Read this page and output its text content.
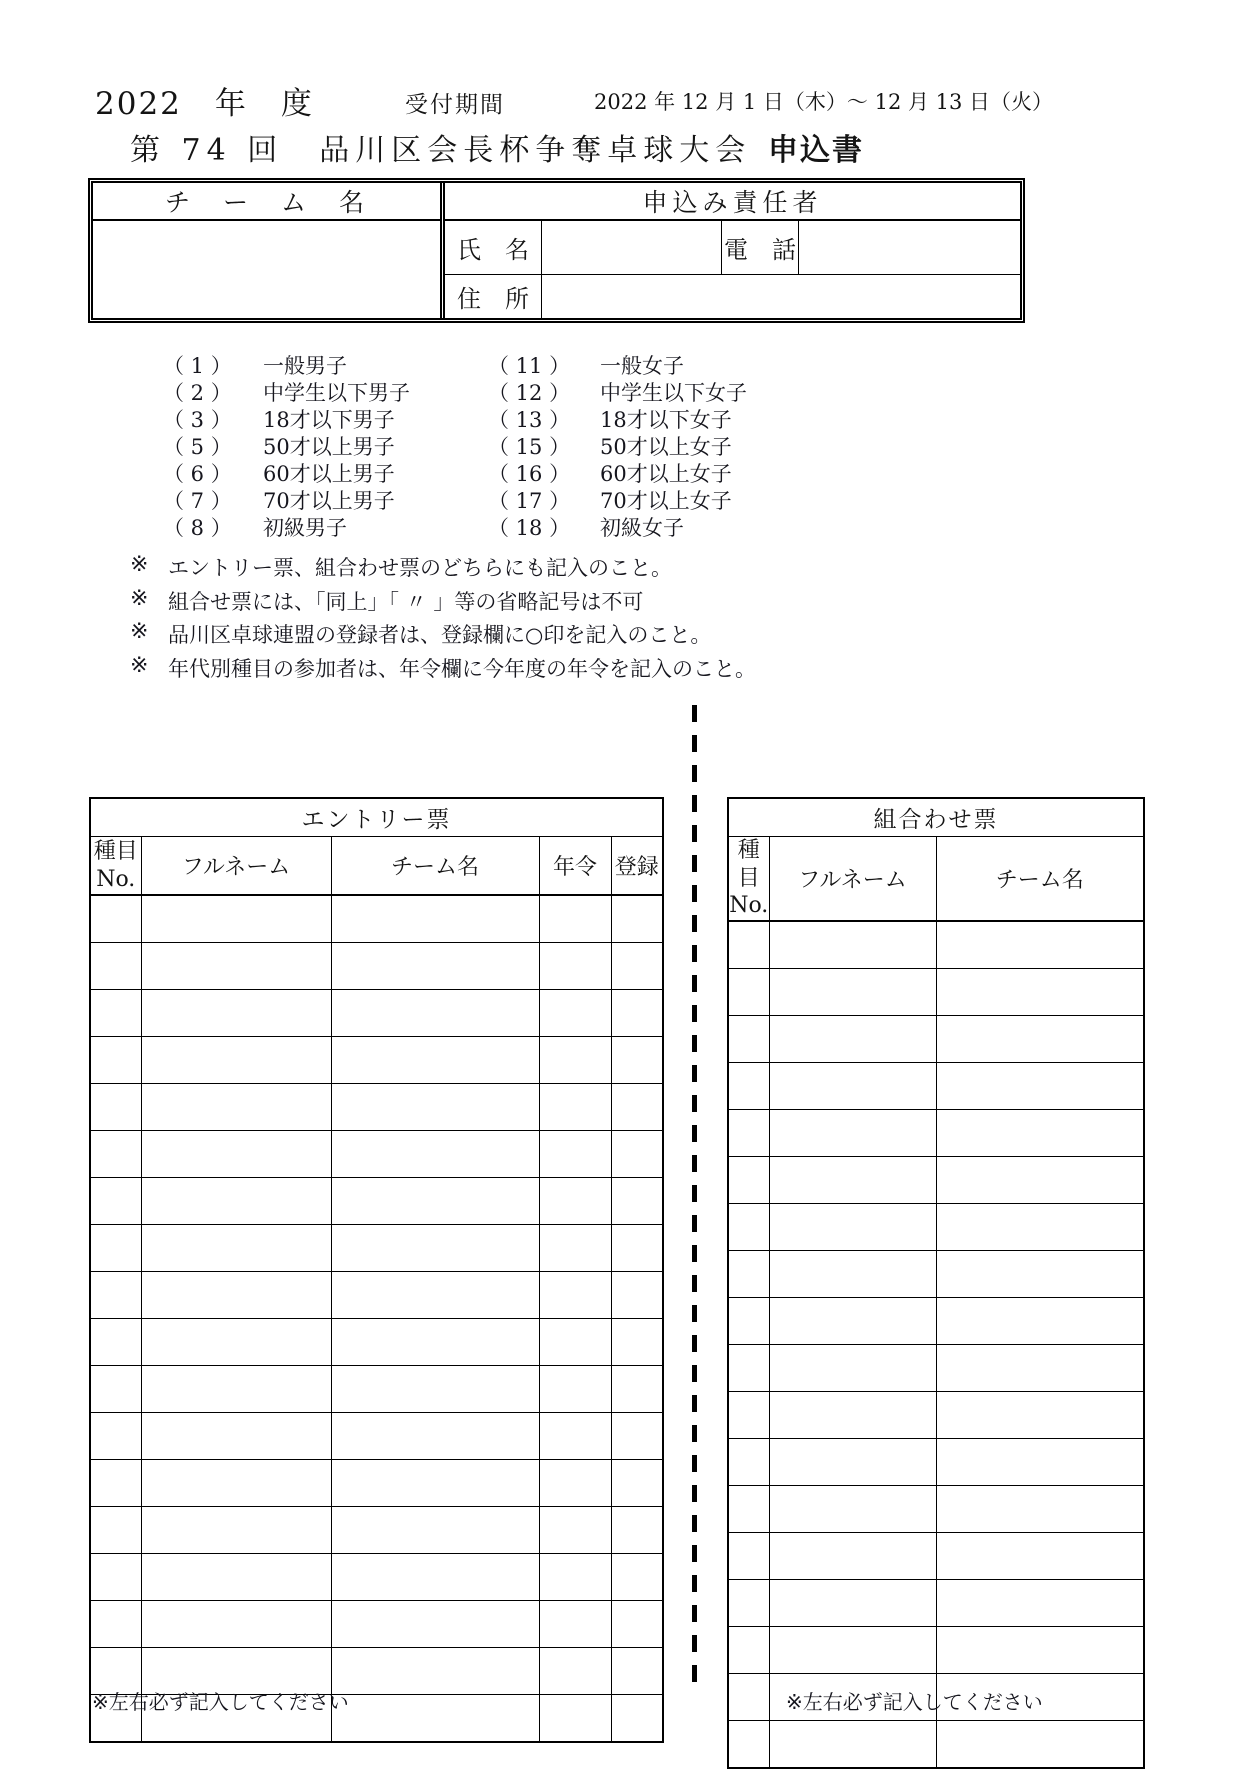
2022　年　度	受付期間	2022 年 12 月 1 日（木）～ 12 月 13 日（火）
第 74 回　品川区会長杯争奪卓球大会 申込書
チ　ー　ム　名	申込み責任者
氏　名	電　話
住　所
（ 1 ）	一般男子	（ 11 ）	一般女子
（ 2 ）	中学生以下男子	（ 12 ）	中学生以下女子
（ 3 ）	18才以下男子	（ 13 ）	18才以下女子
（ 5 ）	50才以上男子	（ 15 ）	50才以上女子
（ 6 ）	60才以上男子	（ 16 ）	60才以上女子
（ 7 ）	70才以上男子	（ 17 ）	70才以上女子
（ 8 ）	初級男子	（ 18 ）	初級女子
※ エントリー票、組合わせ票のどちらにも記入のこと。
※ 組合せ票には、「同上」「 〃 」等の省略記号は不可
※ 品川区卓球連盟の登録者は、登録欄に○印を記入のこと。
※ 年代別種目の参加者は、年令欄に今年度の年令を記入のこと。
エントリー票				
種目
No.	フルネーム	チーム名	年令	登録

組合わせ票		
種目
No.	フルネーム	チーム名

※左右必ず記入してください	※左右必ず記入してください
